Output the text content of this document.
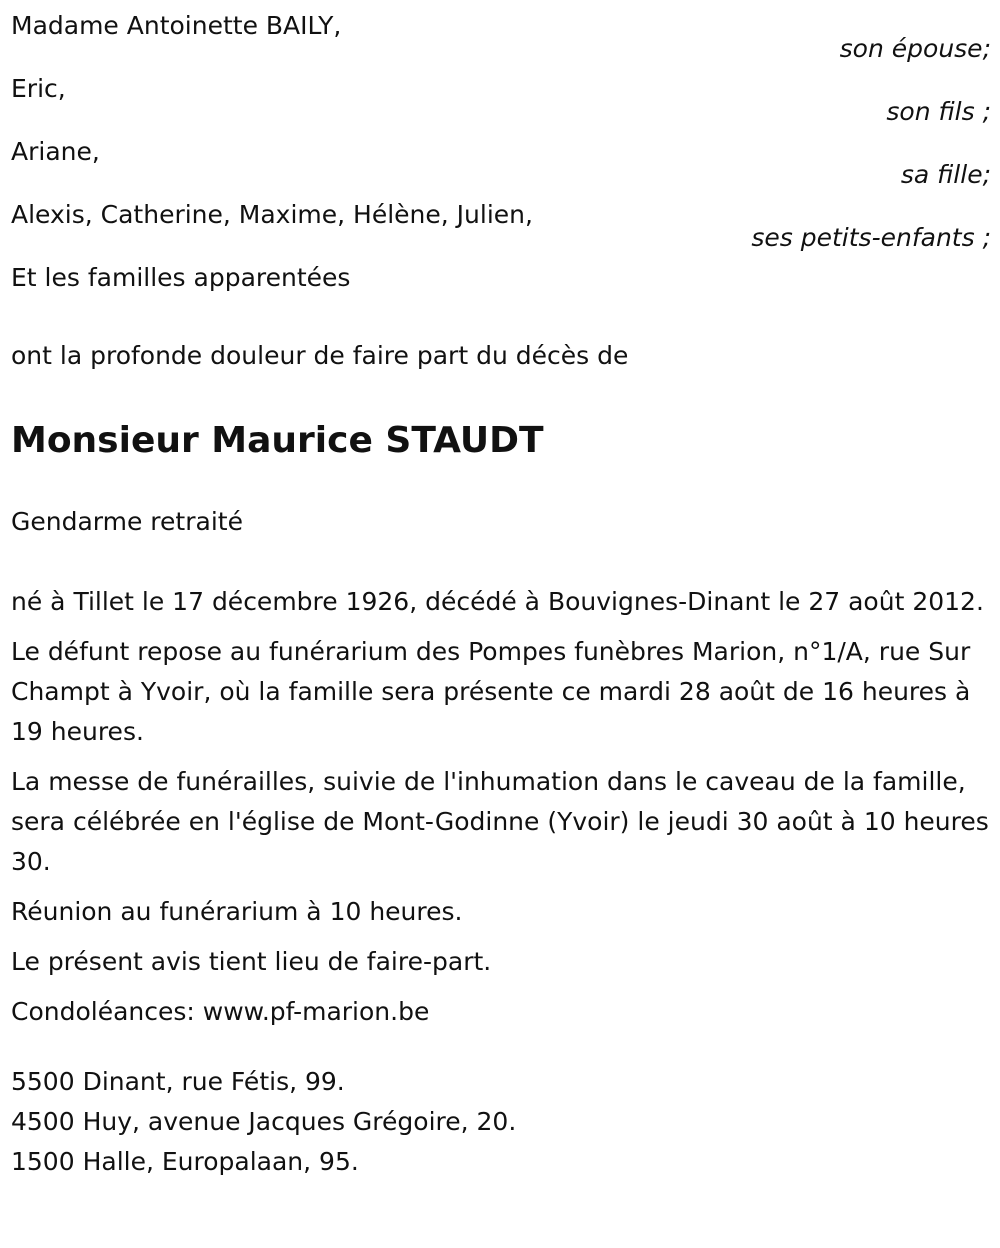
Madame Antoinette BAILY,
son épouse;
Eric,
son fils ;
Ariane,
sa fille;
Alexis, Catherine, Maxime, Hélène, Julien,
ses petits-enfants ;
Et les familles apparentées
ont la profonde douleur de faire part du décès de
Monsieur Maurice STAUDT
Gendarme retraité

né à Tillet le 17 décembre 1926, décédé à Bouvignes-Dinant le 27 août 2012.

Le défunt repose au funérarium des Pompes funèbres Marion, n°1/A, rue Sur Champt à Yvoir, où la famille sera présente ce mardi 28 août de 16 heures à 19 heures.

La messe de funérailles, suivie de l'inhumation dans le caveau de la famille, sera célébrée en l'église de Mont-Godinne (Yvoir) le jeudi 30 août à 10 heures 30.

Réunion au funérarium à 10 heures.

Le présent avis tient lieu de faire-part.

Condoléances: www.pf-marion.be

5500 Dinant, rue Fétis, 99.
4500 Huy, avenue Jacques Grégoire, 20.
1500 Halle, Europalaan, 95.
